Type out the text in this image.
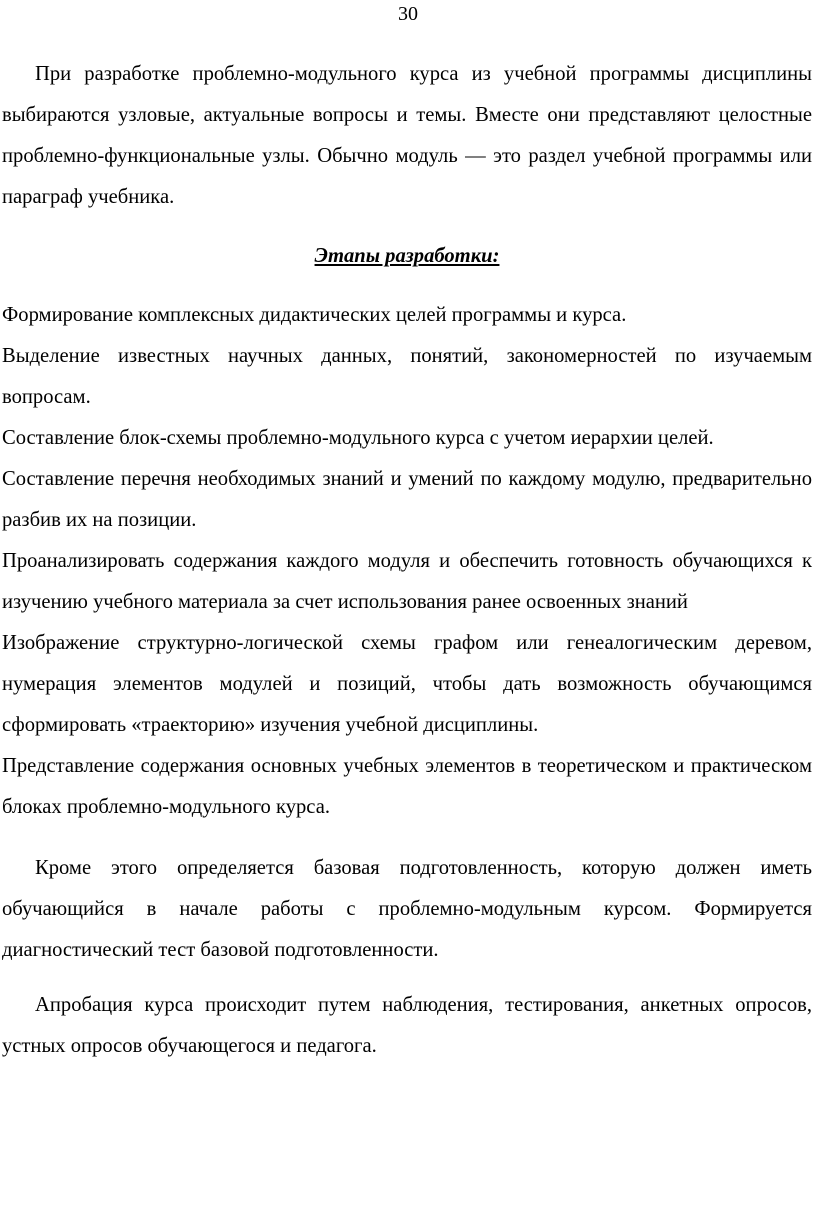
30

При разработке проблемно-модульного курса из учебной программы дисциплины выбираются узловые, актуальные вопросы и темы. Вместе они представляют целостные проблемно-функциональные узлы. Обычно модуль — это раздел учебной программы или параграф учебника.

Этапы разработки:

Формирование комплексных дидактических целей программы и курса.

Выделение известных научных данных, понятий, закономерностей по изучаемым вопросам.

Составление блок-схемы проблемно-модульного курса с учетом иерархии целей.

Составление перечня необходимых знаний и умений по каждому модулю, предварительно разбив их на позиции.

Проанализировать содержания каждого модуля и обеспечить готовность обучающихся к изучению учебного материала за счет использования ранее освоенных знаний

Изображение структурно-логической схемы графом или генеалогическим деревом, нумерация элементов модулей и позиций, чтобы дать возможность обучающимся сформировать «траекторию» изучения учебной дисциплины.

Представление содержания основных учебных элементов в теоретическом и практическом блоках проблемно-модульного курса.

Кроме этого определяется базовая подготовленность, которую должен иметь обучающийся в начале работы с проблемно-модульным курсом. Формируется диагностический тест базовой подготовленности.

Апробация курса происходит путем наблюдения, тестирования, анкетных опросов, устных опросов обучающегося и педагога.
